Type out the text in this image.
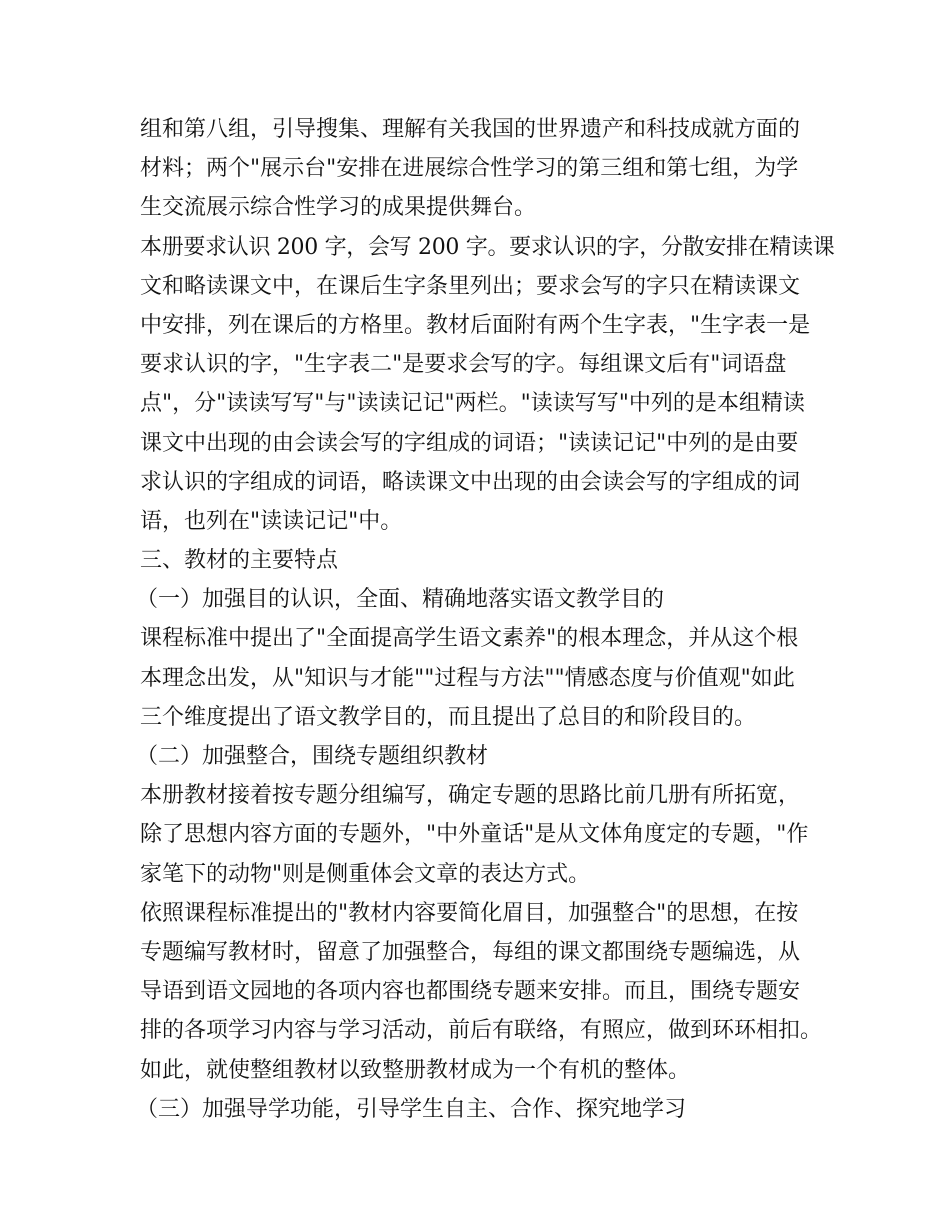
组和第八组，引导搜集、理解有关我国的世界遗产和科技成就方面的
材料；两个"展示台"安排在进展综合性学习的第三组和第七组，为学
生交流展示综合性学习的成果提供舞台。
本册要求认识 200 字，会写 200 字。要求认识的字，分散安排在精读课
文和略读课文中，在课后生字条里列出；要求会写的字只在精读课文
中安排，列在课后的方格里。教材后面附有两个生字表，"生字表一是
要求认识的字，"生字表二"是要求会写的字。每组课文后有"词语盘
点"，分"读读写写"与"读读记记"两栏。"读读写写"中列的是本组精读
课文中出现的由会读会写的字组成的词语；"读读记记"中列的是由要
求认识的字组成的词语，略读课文中出现的由会读会写的字组成的词
语，也列在"读读记记"中。
三、教材的主要特点
（一）加强目的认识，全面、精确地落实语文教学目的
课程标准中提出了"全面提高学生语文素养"的根本理念，并从这个根
本理念出发，从"知识与才能""过程与方法""情感态度与价值观"如此
三个维度提出了语文教学目的，而且提出了总目的和阶段目的。
（二）加强整合，围绕专题组织教材
本册教材接着按专题分组编写，确定专题的思路比前几册有所拓宽，
除了思想内容方面的专题外，"中外童话"是从文体角度定的专题，"作
家笔下的动物"则是侧重体会文章的表达方式。
依照课程标准提出的"教材内容要简化眉目，加强整合"的思想，在按
专题编写教材时，留意了加强整合，每组的课文都围绕专题编选，从
导语到语文园地的各项内容也都围绕专题来安排。而且，围绕专题安
排的各项学习内容与学习活动，前后有联络，有照应，做到环环相扣。
如此，就使整组教材以致整册教材成为一个有机的整体。
（三）加强导学功能，引导学生自主、合作、探究地学习
